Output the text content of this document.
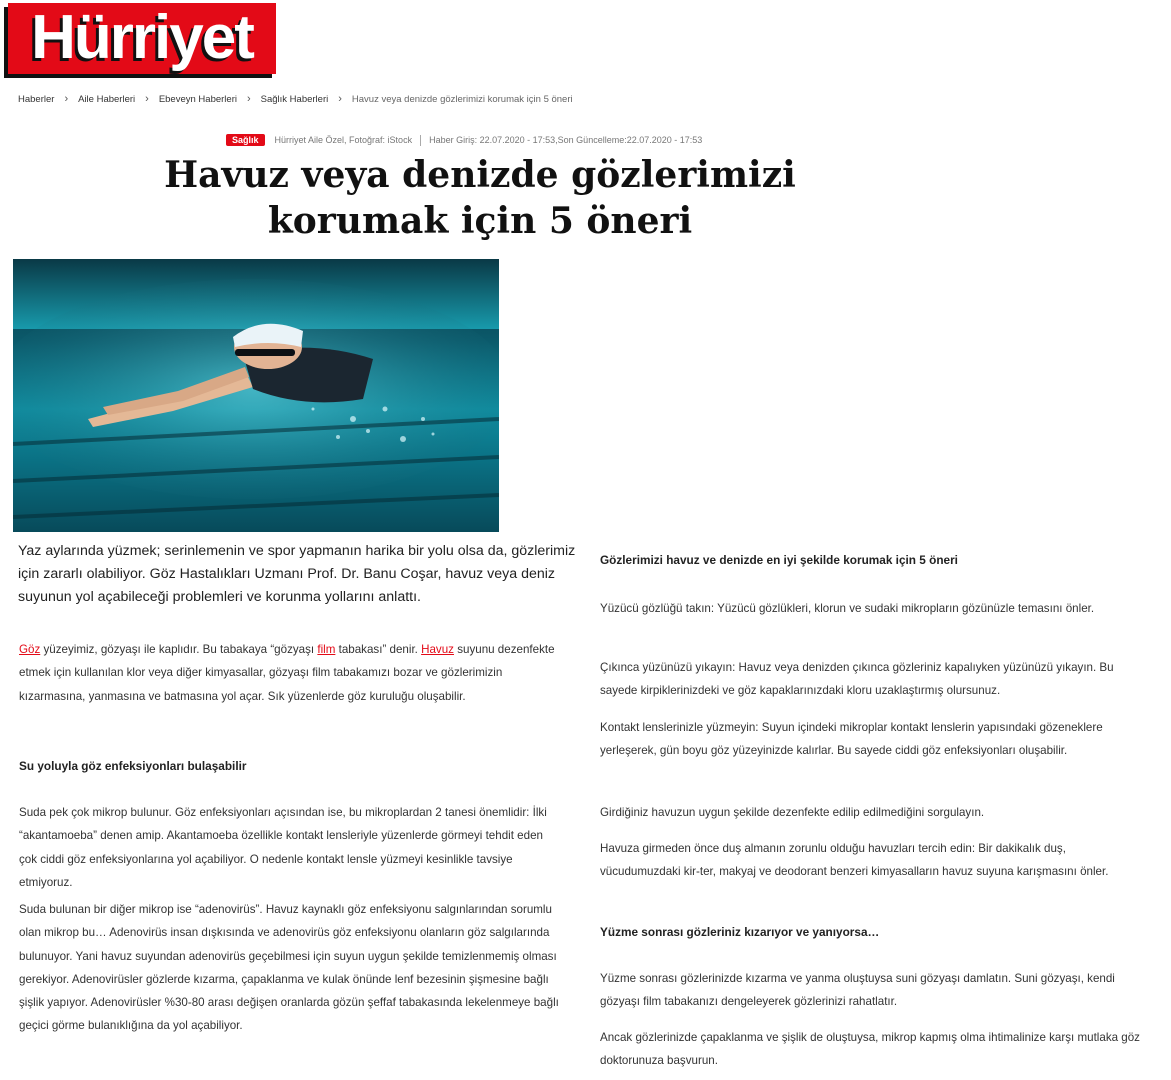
Hürriyet
Haberler › Aile Haberleri › Ebeveyn Haberleri › Sağlık Haberleri › Havuz veya denizde gözlerimizi korumak için 5 öneri
Sağlık	Hürriyet Aile Özel, Fotoğraf: iStock Haber Giriş: 22.07.2020 - 17:53 , Son Güncelleme:22.07.2020 - 17:53
Havuz veya denizde gözlerimizi
korumak için 5 öneri

Yaz aylarında yüzmek; serinlemenin ve spor yapmanın harika bir yolu olsa da, gözlerimiz için zararlı olabiliyor. Göz Hastalıkları Uzmanı Prof. Dr. Banu Coşar, havuz veya deniz suyunun yol açabileceği problemleri ve korunma yollarını anlattı.

Göz yüzeyimiz, gözyaşı ile kaplıdır. Bu tabakaya “gözyaşı film tabakası” denir. Havuz suyunu dezenfekte etmek için kullanılan klor veya diğer kimyasallar, gözyaşı film tabakamızı bozar ve gözlerimizin kızarmasına, yanmasına ve batmasına yol açar. Sık yüzenlerde göz kuruluğu oluşabilir.

Su yoluyla göz enfeksiyonları bulaşabilir

Suda pek çok mikrop bulunur. Göz enfeksiyonları açısından ise, bu mikroplardan 2 tanesi önemlidir: İlki “akantamoeba” denen amip. Akantamoeba özellikle kontakt lensleriyle yüzenlerde görmeyi tehdit eden çok ciddi göz enfeksiyonlarına yol açabiliyor. O nedenle kontakt lensle yüzmeyi kesinlikle tavsiye etmiyoruz.

Suda bulunan bir diğer mikrop ise “adenovirüs”. Havuz kaynaklı göz enfeksiyonu salgınlarından sorumlu olan mikrop bu… Adenovirüs insan dışkısında ve adenovirüs göz enfeksiyonu olanların göz salgılarında bulunuyor. Yani havuz suyundan adenovirüs geçebilmesi için suyun uygun şekilde temizlenmemiş olması gerekiyor. Adenovirüsler gözlerde kızarma, çapaklanma ve kulak önünde lenf bezesinin şişmesine bağlı şişlik yapıyor. Adenovirüsler %30-80 arası değişen oranlarda gözün şeffaf tabakasında lekelenmeye bağlı geçici görme bulanıklığına da yol açabiliyor.

Gözlerimizi havuz ve denizde en iyi şekilde korumak için 5 öneri

Yüzücü gözlüğü takın: Yüzücü gözlükleri, klorun ve sudaki mikropların gözünüzle temasını önler.

Çıkınca yüzünüzü yıkayın: Havuz veya denizden çıkınca gözleriniz kapalıyken yüzünüzü yıkayın. Bu sayede kirpiklerinizdeki ve göz kapaklarınızdaki kloru uzaklaştırmış olursunuz.

Kontakt lenslerinizle yüzmeyin: Suyun içindeki mikroplar kontakt lenslerin yapısındaki gözeneklere yerleşerek, gün boyu göz yüzeyinizde kalırlar. Bu sayede ciddi göz enfeksiyonları oluşabilir.

Girdiğiniz havuzun uygun şekilde dezenfekte edilip edilmediğini sorgulayın.

Havuza girmeden önce duş almanın zorunlu olduğu havuzları tercih edin: Bir dakikalık duş, vücudumuzdaki kir-ter, makyaj ve deodorant benzeri kimyasalların havuz suyuna karışmasını önler.

Yüzme sonrası gözleriniz kızarıyor ve yanıyorsa…

Yüzme sonrası gözlerinizde kızarma ve yanma oluştuysa suni gözyaşı damlatın. Suni gözyaşı, kendi gözyaşı film tabakanızı dengeleyerek gözlerinizi rahatlatır.

Ancak gözlerinizde çapaklanma ve şişlik de oluştuysa, mikrop kapmış olma ihtimalinize karşı mutlaka göz doktorunuza başvurun.
